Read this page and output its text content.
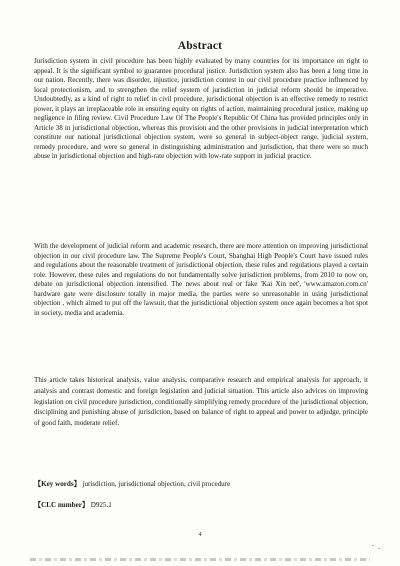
Abstract

Jurisdiction system in civil procedure has been highly evaluated by many countries for its importance on right to appeal. It is the significant symbol to guarantee procedural justice. Jurisdiction system also has been a long time in our nation. Recently, there was disorder, injustice, jurisdiction contest in our civil procedure practice influenced by local protectionism, and to strengthen the relief system of jurisdiction in judicial reform should be imperative. Undoubtedly, as a kind of right to relief in civil procedure, jurisdictional objection is an effective remedy to restrict power, it plays an irreplaceable role in ensuring equity on rights of action, maintaining procedural justice, making up negligence in filing review. Civil Procedure Law Of The People's Republic Of China has provided principles only in Article 38 in jurisdictional objection, whereas this provision and the other provisions in judicial interpretation which constitute our national jurisdictional objection system, were so general in subject-object range, judicial system, remedy procedure, and were so general in distinguishing administration and jurisdiction, that there were so much abuse in jurisdictional objection and high-rate objection with low-rate support in judicial practice.

With the development of judicial reform and academic research, there are more attention on improving jurisdictional objection in our civil procedure law. The Supreme People's Court, Shanghai High People's Court have issued rules and regulations about the reasonable treatment of jurisdictional objection, these rules and regulations played a certain role. However, these rules and regulations do not fundamentally solve jurisdiction problems, from 2010 to now on, debate on jurisdictional objection intensified. The news about real or fake 'Kai Xin net', 'www.amazon.com.cn' hardware gate were disclosure totally in major media, the parties were so unreasonable in using jurisdictional objection , which aimed to put off the lawsuit, that the jurisdictional objection system once again becomes a hot spot in society, media and academia.

This article takes historical analysis, value analysis, comparative research and empirical analysis for approach, it analysis and contrast domestic and foreign legislation and judicial situation. This article also advices on improving legislation on civil procedure jurisdiction, conditionally simplifying remedy procedure of the jurisdictional objection, disciplining and punishing abuse of jurisdiction, based on balance of right to appeal and power to adjudge, principle of good faith, moderate relief.

【Key words】 jurisdiction, jurisdictional objection, civil procedure
【CLC number】 D925.1
4
